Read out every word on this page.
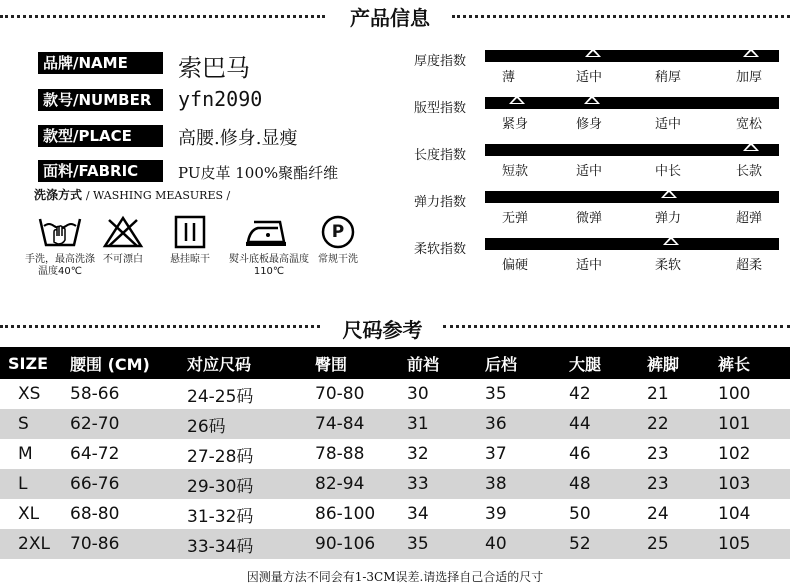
产品信息
品牌/NAME	索巴马
款号/NUMBER	yfn2090
款型/PLACE	高腰.修身.显瘦
面料/FABRIC	PU皮革 100%聚酯纤维
洗涤方式 / WASHING MEASURES /
手洗，最高洗涤温度40℃
不可漂白	悬挂晾干	熨斗底板最高温度110℃
P
常规干洗
厚度指数
薄	适中	稍厚	加厚
版型指数
紧身	修身	适中	宽松
长度指数
短款	适中	中长	长款
弹力指数
无弹	微弹	弹力	超弹
柔软指数
偏硬	适中	柔软	超柔
尺码参考
SIZE	腰围 (CM)	对应尺码	臀围	前裆	后档	大腿	裤脚	裤长
XS	58-66	24-25码	70-80	30	35	42	21	100
S	62-70	26码	74-84	31	36	44	22	101
M	64-72	27-28码	78-88	32	37	46	23	102
L	66-76	29-30码	82-94	33	38	48	23	103
XL	68-80	31-32码	86-100	34	39	50	24	104
2XL	70-86	33-34码	90-106	35	40	52	25	105
因测量方法不同会有1-3CM误差.请选择自己合适的尺寸
